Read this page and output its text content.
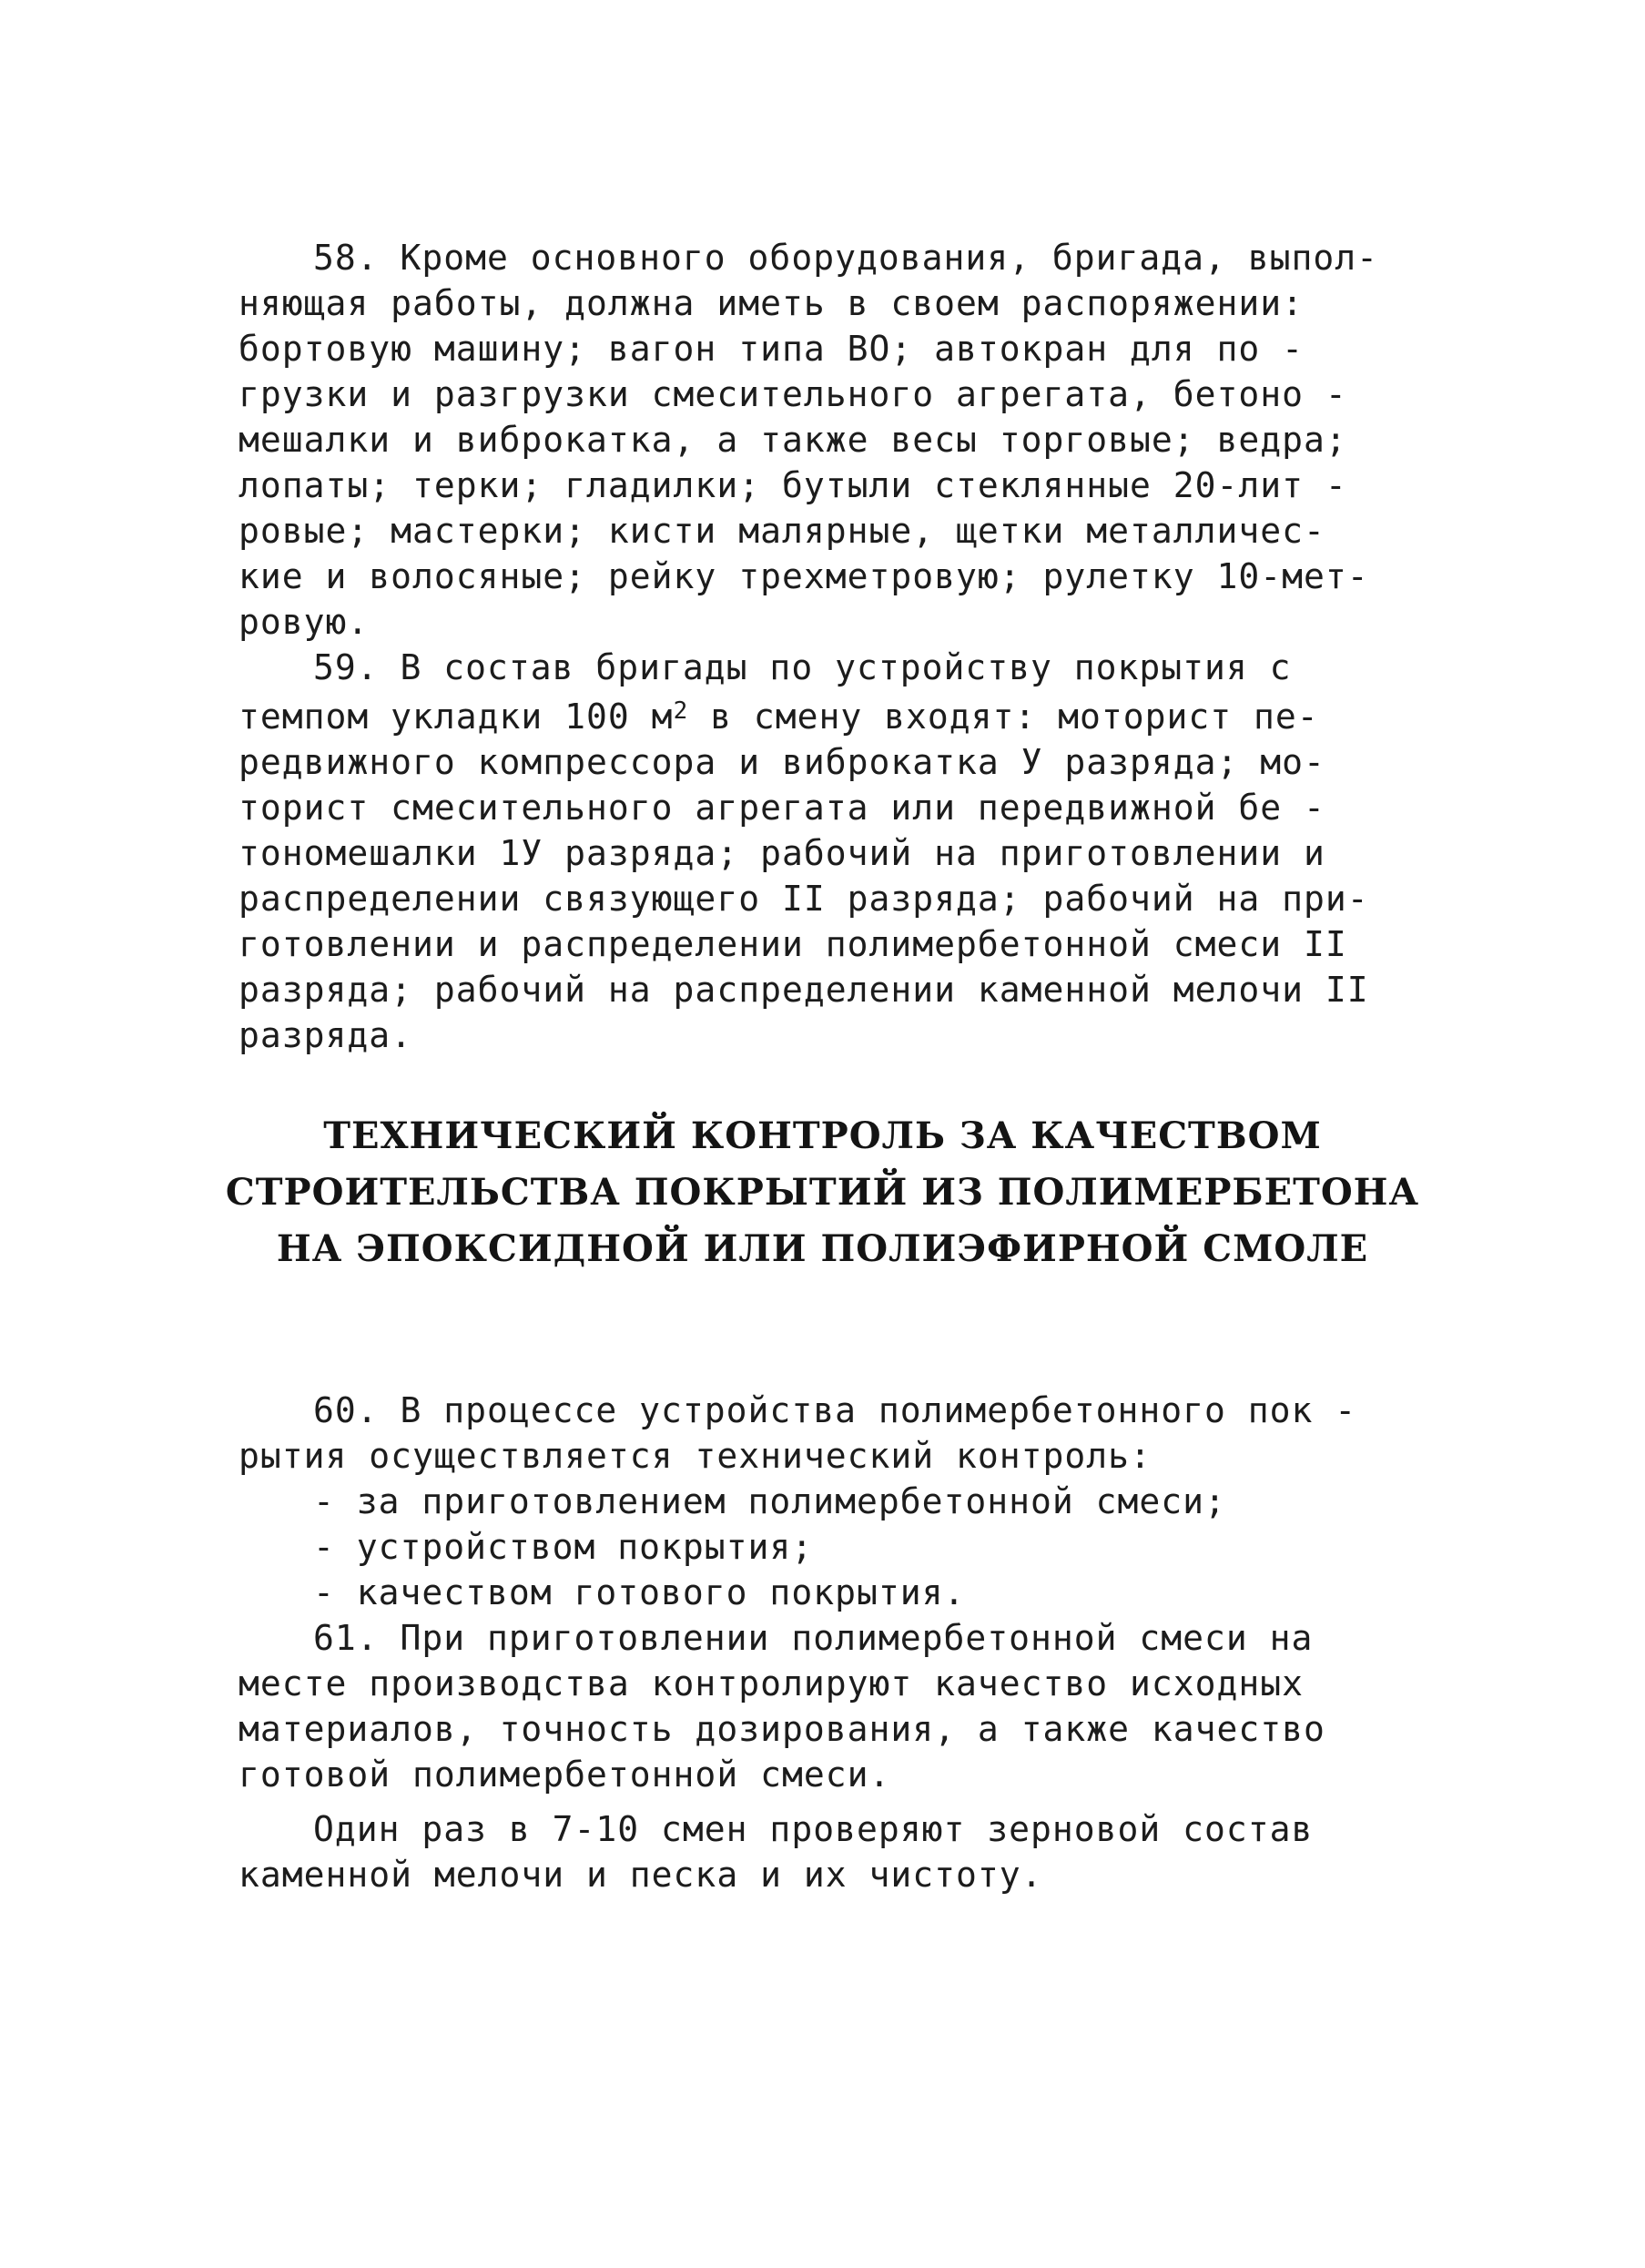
58. Кроме основного оборудования, бригада, выпол-
няющая работы, должна иметь в своем распоряжении:
бортовую машину; вагон типа ВО; автокран для по -
грузки и разгрузки смесительного агрегата, бетоно -
мешалки и виброкатка, а также весы торговые; ведра;
лопаты; терки; гладилки; бутыли стеклянные 20-лит -
ровые; мастерки; кисти малярные, щетки металличес-
кие и волосяные; рейку трехметровую; рулетку 10-мет-
ровую.
59. В состав бригады по устройству покрытия с
темпом укладки 100 $м^2$ в смену входят: моторист пе-
редвижного компрессора и виброкатка У разряда; мо-
торист смесительного агрегата или передвижной бе -
тономешалки 1У разряда; рабочий на приготовлении и
распределении связующего II разряда; рабочий на при-
готовлении и распределении полимербетонной смеси II
разряда; рабочий на распределении каменной мелочи II
разряда.
ТЕХНИЧЕСКИЙ КОНТРОЛЬ ЗА КАЧЕСТВОМ
СТРОИТЕЛЬСТВА ПОКРЫТИЙ ИЗ ПОЛИМЕРБЕТОНА
НА ЭПОКСИДНОЙ ИЛИ ПОЛИЭФИРНОЙ СМОЛЕ
60. В процессе устройства полимербетонного пок -
рытия осуществляется технический контроль:
- за приготовлением полимербетонной смеси;
- устройством покрытия;
- качеством готового покрытия.
61. При приготовлении полимербетонной смеси на
месте производства контролируют качество исходных
материалов, точность дозирования, а также качество
готовой полимербетонной смеси.
Один раз в 7-10 смен проверяют зерновой состав
каменной мелочи и песка и их чистоту.
